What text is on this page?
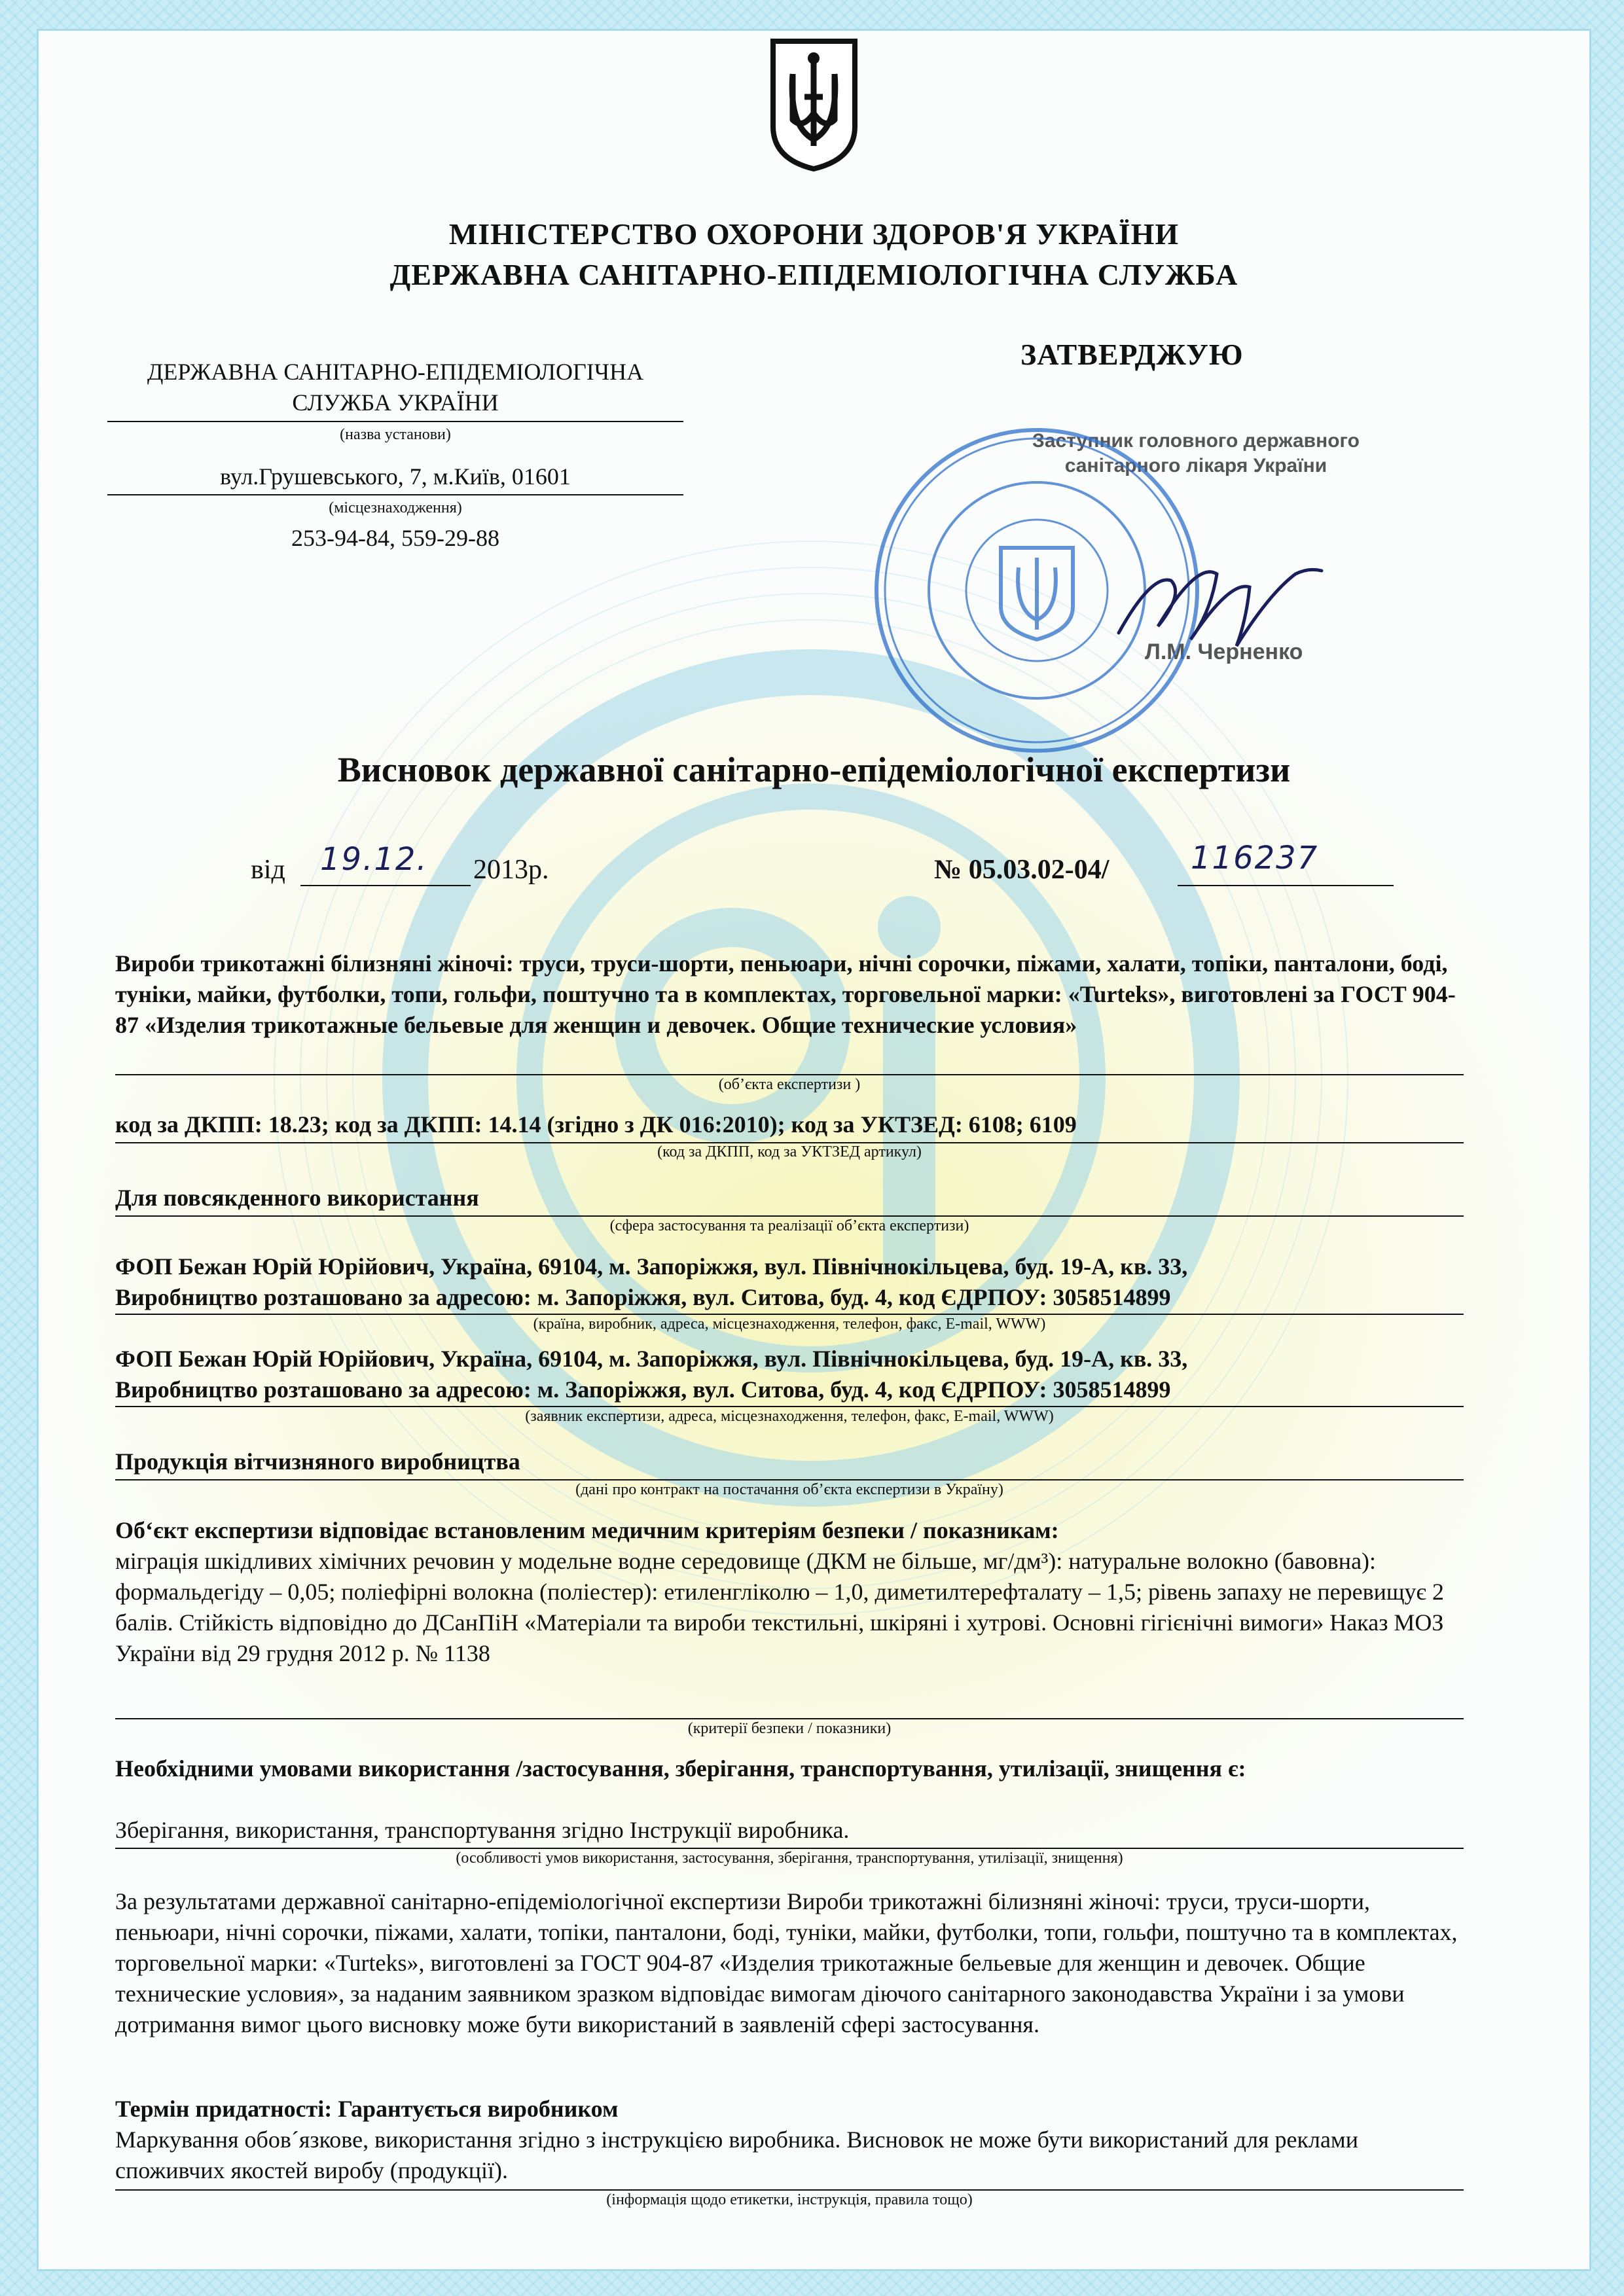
МІНІСТЕРСТВО ОХОРОНИ ЗДОРОВ'Я УКРАЇНИ
ДЕРЖАВНА САНІТАРНО-ЕПІДЕМІОЛОГІЧНА СЛУЖБА
ДЕРЖАВНА САНІТАРНО-ЕПІДЕМІОЛОГІЧНА
СЛУЖБА УКРАЇНИ
(назва установи)
вул.Грушевського, 7, м.Київ, 01601
(місцезнаходження)
253-94-84, 559-29-88
ЗАТВЕРДЖУЮ
Заступник головного державного
санітарного лікаря України
Л.М. Черненко
Висновок державної санітарно-епідеміологічної експертизи
від 19.12. 2013р.	№ 05.03.02-04/	116237
Вироби трикотажні білизняні жіночі: труси, труси-шорти, пеньюари, нічні сорочки, піжами, халати, топіки, панталони, боді, туніки, майки, футболки, топи, гольфи, поштучно та в комплектах, торговельної марки: «Turteks», виготовлені за ГОСТ 904-87 «Изделия трикотажные бельевые для женщин и девочек. Общие технические условия»
(об’єкта експертизи )
код за ДКПП: 18.23; код за ДКПП: 14.14 (згідно з ДК 016:2010); код за УКТЗЕД: 6108; 6109
(код за ДКПП, код за УКТЗЕД артикул)
Для повсякденного використання
(сфера застосування та реалізації об’єкта експертизи)
ФОП Бежан Юрій Юрійович, Україна, 69104, м. Запоріжжя, вул. Північнокільцева, буд. 19-А, кв. 33,
Виробництво розташовано за адресою: м. Запоріжжя, вул. Ситова, буд. 4, код ЄДРПОУ: 3058514899
(країна, виробник, адреса, місцезнаходження, телефон, факс, E-mail, WWW)
ФОП Бежан Юрій Юрійович, Україна, 69104, м. Запоріжжя, вул. Північнокільцева, буд. 19-А, кв. 33,
Виробництво розташовано за адресою: м. Запоріжжя, вул. Ситова, буд. 4, код ЄДРПОУ: 3058514899
(заявник експертизи, адреса, місцезнаходження, телефон, факс, E-mail, WWW)
Продукція вітчизняного виробництва
(дані про контракт на постачання об’єкта експертизи в Україну)
Об‘єкт експертизи відповідає встановленим медичним критеріям безпеки / показникам:
міграція шкідливих хімічних речовин у модельне водне середовище (ДКМ не більше, мг/дм³): натуральне волокно (бавовна): формальдегіду – 0,05; поліефірні волокна (поліестер): етиленгліколю – 1,0, диметилтерефталату – 1,5; рівень запаху не перевищує 2 балів. Стійкість відповідно до ДСанПіН «Матеріали та вироби текстильні, шкіряні і хутрові. Основні гігієнічні вимоги» Наказ МОЗ України від 29 грудня 2012 р. № 1138
(критерії безпеки / показники)
Необхідними умовами використання /застосування, зберігання, транспортування, утилізації, знищення є:
Зберігання, використання, транспортування згідно Інструкції виробника.
(особливості умов використання, застосування, зберігання, транспортування, утилізації, знищення)
За результатами державної санітарно-епідеміологічної експертизи Вироби трикотажні білизняні жіночі: труси, труси-шорти, пеньюари, нічні сорочки, піжами, халати, топіки, панталони, боді, туніки, майки, футболки, топи, гольфи, поштучно та в комплектах, торговельної марки: «Turteks», виготовлені за ГОСТ 904-87 «Изделия трикотажные бельевые для женщин и девочек. Общие технические условия», за наданим заявником зразком відповідає вимогам діючого санітарного законодавства України і за умови дотримання вимог цього висновку може бути використаний в заявленій сфері застосування.
Термін придатності: Гарантується виробником
Маркування обов´язкове, використання згідно з інструкцією виробника. Висновок не може бути використаний для реклами споживчих якостей виробу (продукції).
(інформація щодо етикетки, інструкція, правила тощо)
